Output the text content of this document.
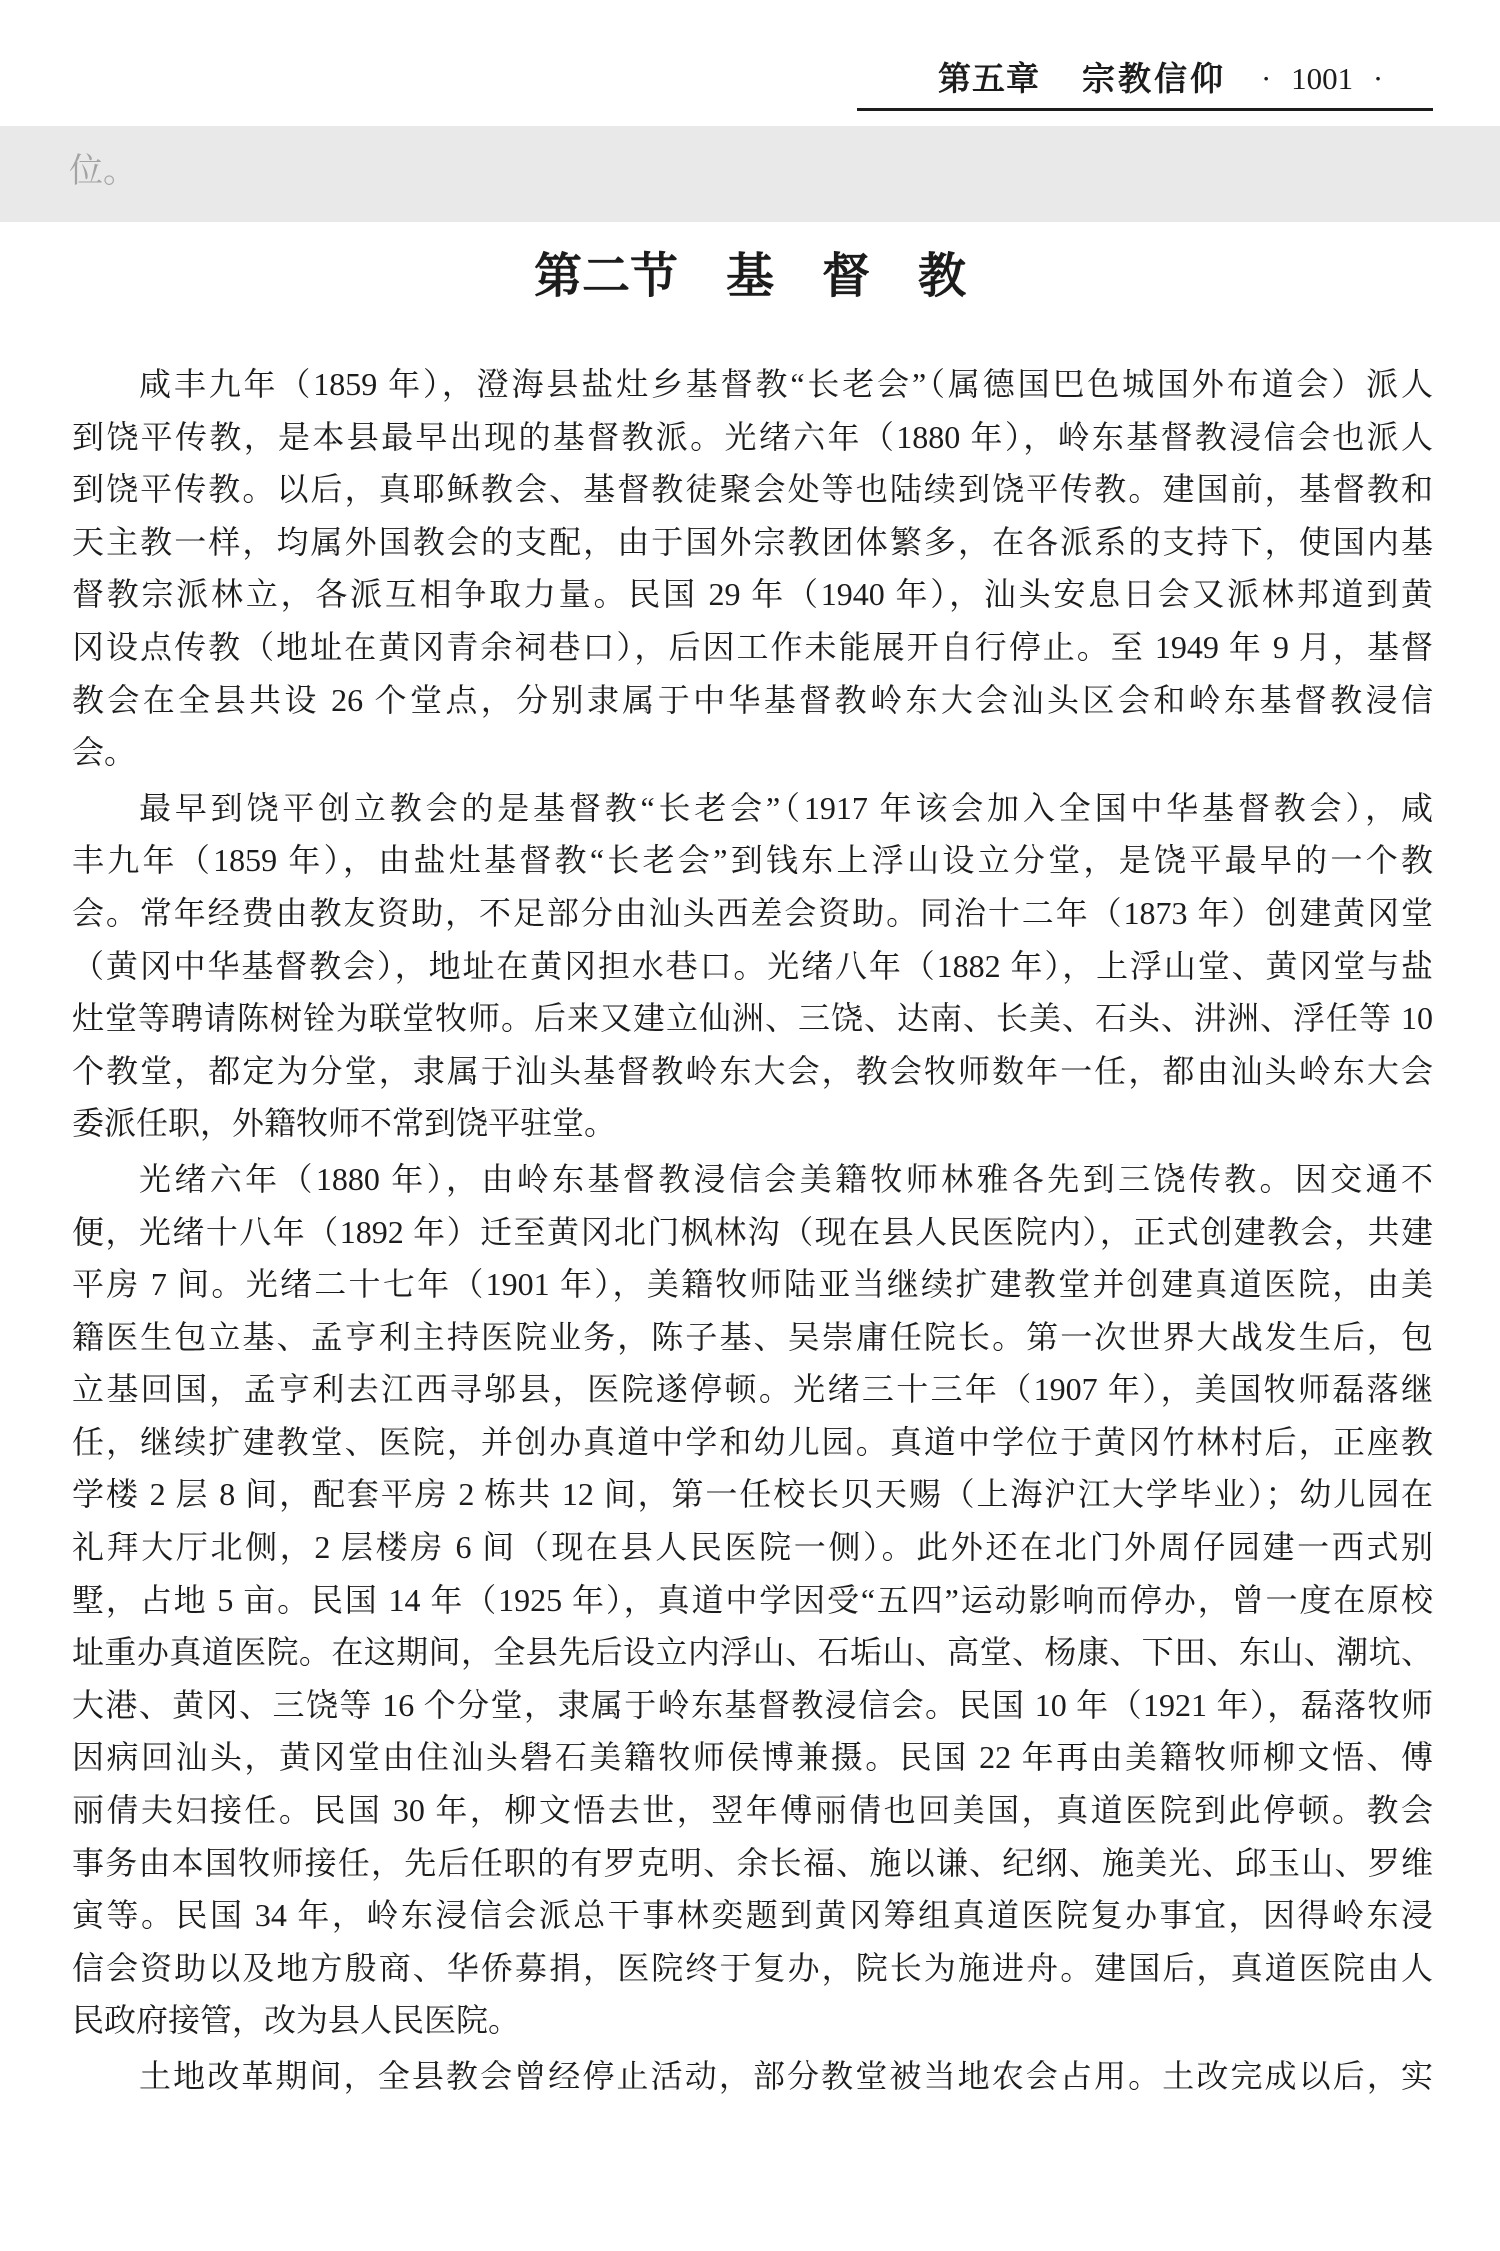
第五章 宗教信仰 · 1001 ·
位。
第二节　基　督　教
咸丰九年（1859 年），澄海县盐灶乡基督教“长老会”（属德国巴色城国外布道会）派人
到饶平传教，是本县最早出现的基督教派。光绪六年（1880 年），岭东基督教浸信会也派人
到饶平传教。以后，真耶稣教会、基督教徒聚会处等也陆续到饶平传教。建国前，基督教和
天主教一样，均属外国教会的支配，由于国外宗教团体繁多，在各派系的支持下，使国内基
督教宗派林立，各派互相争取力量。民国 29 年（1940 年），汕头安息日会又派林邦道到黄
冈设点传教（地址在黄冈青余祠巷口），后因工作未能展开自行停止。至 1949 年 9 月，基督
教会在全县共设 26 个堂点，分别隶属于中华基督教岭东大会汕头区会和岭东基督教浸信
会。
最早到饶平创立教会的是基督教“长老会”（1917 年该会加入全国中华基督教会），咸
丰九年（1859 年），由盐灶基督教“长老会”到钱东上浮山设立分堂，是饶平最早的一个教
会。常年经费由教友资助，不足部分由汕头西差会资助。同治十二年（1873 年）创建黄冈堂
（黄冈中华基督教会），地址在黄冈担水巷口。光绪八年（1882 年），上浮山堂、黄冈堂与盐
灶堂等聘请陈树铨为联堂牧师。后来又建立仙洲、三饶、达南、长美、石头、汫洲、浮任等 10
个教堂，都定为分堂，隶属于汕头基督教岭东大会，教会牧师数年一任，都由汕头岭东大会
委派任职，外籍牧师不常到饶平驻堂。
光绪六年（1880 年），由岭东基督教浸信会美籍牧师林雅各先到三饶传教。因交通不
便，光绪十八年（1892 年）迁至黄冈北门枫林沟（现在县人民医院内），正式创建教会，共建
平房 7 间。光绪二十七年（1901 年），美籍牧师陆亚当继续扩建教堂并创建真道医院，由美
籍医生包立基、孟亨利主持医院业务，陈子基、吴崇庸任院长。第一次世界大战发生后，包
立基回国，孟亨利去江西寻邬县，医院遂停顿。光绪三十三年（1907 年），美国牧师磊落继
任，继续扩建教堂、医院，并创办真道中学和幼儿园。真道中学位于黄冈竹林村后，正座教
学楼 2 层 8 间，配套平房 2 栋共 12 间，第一任校长贝天赐（上海沪江大学毕业）；幼儿园在
礼拜大厅北侧，2 层楼房 6 间（现在县人民医院一侧）。此外还在北门外周仔园建一西式别
墅，占地 5 亩。民国 14 年（1925 年），真道中学因受“五四”运动影响而停办，曾一度在原校
址重办真道医院。在这期间，全县先后设立内浮山、石垢山、高堂、杨康、下田、东山、潮坑、
大港、黄冈、三饶等 16 个分堂，隶属于岭东基督教浸信会。民国 10 年（1921 年），磊落牧师
因病回汕头，黄冈堂由住汕头礐石美籍牧师侯博兼摄。民国 22 年再由美籍牧师柳文悟、傅
丽倩夫妇接任。民国 30 年，柳文悟去世，翌年傅丽倩也回美国，真道医院到此停顿。教会
事务由本国牧师接任，先后任职的有罗克明、余长福、施以谦、纪纲、施美光、邱玉山、罗维
寅等。民国 34 年，岭东浸信会派总干事林奕题到黄冈筹组真道医院复办事宜，因得岭东浸
信会资助以及地方殷商、华侨募捐，医院终于复办，院长为施进舟。建国后，真道医院由人
民政府接管，改为县人民医院。
土地改革期间，全县教会曾经停止活动，部分教堂被当地农会占用。土改完成以后，实
